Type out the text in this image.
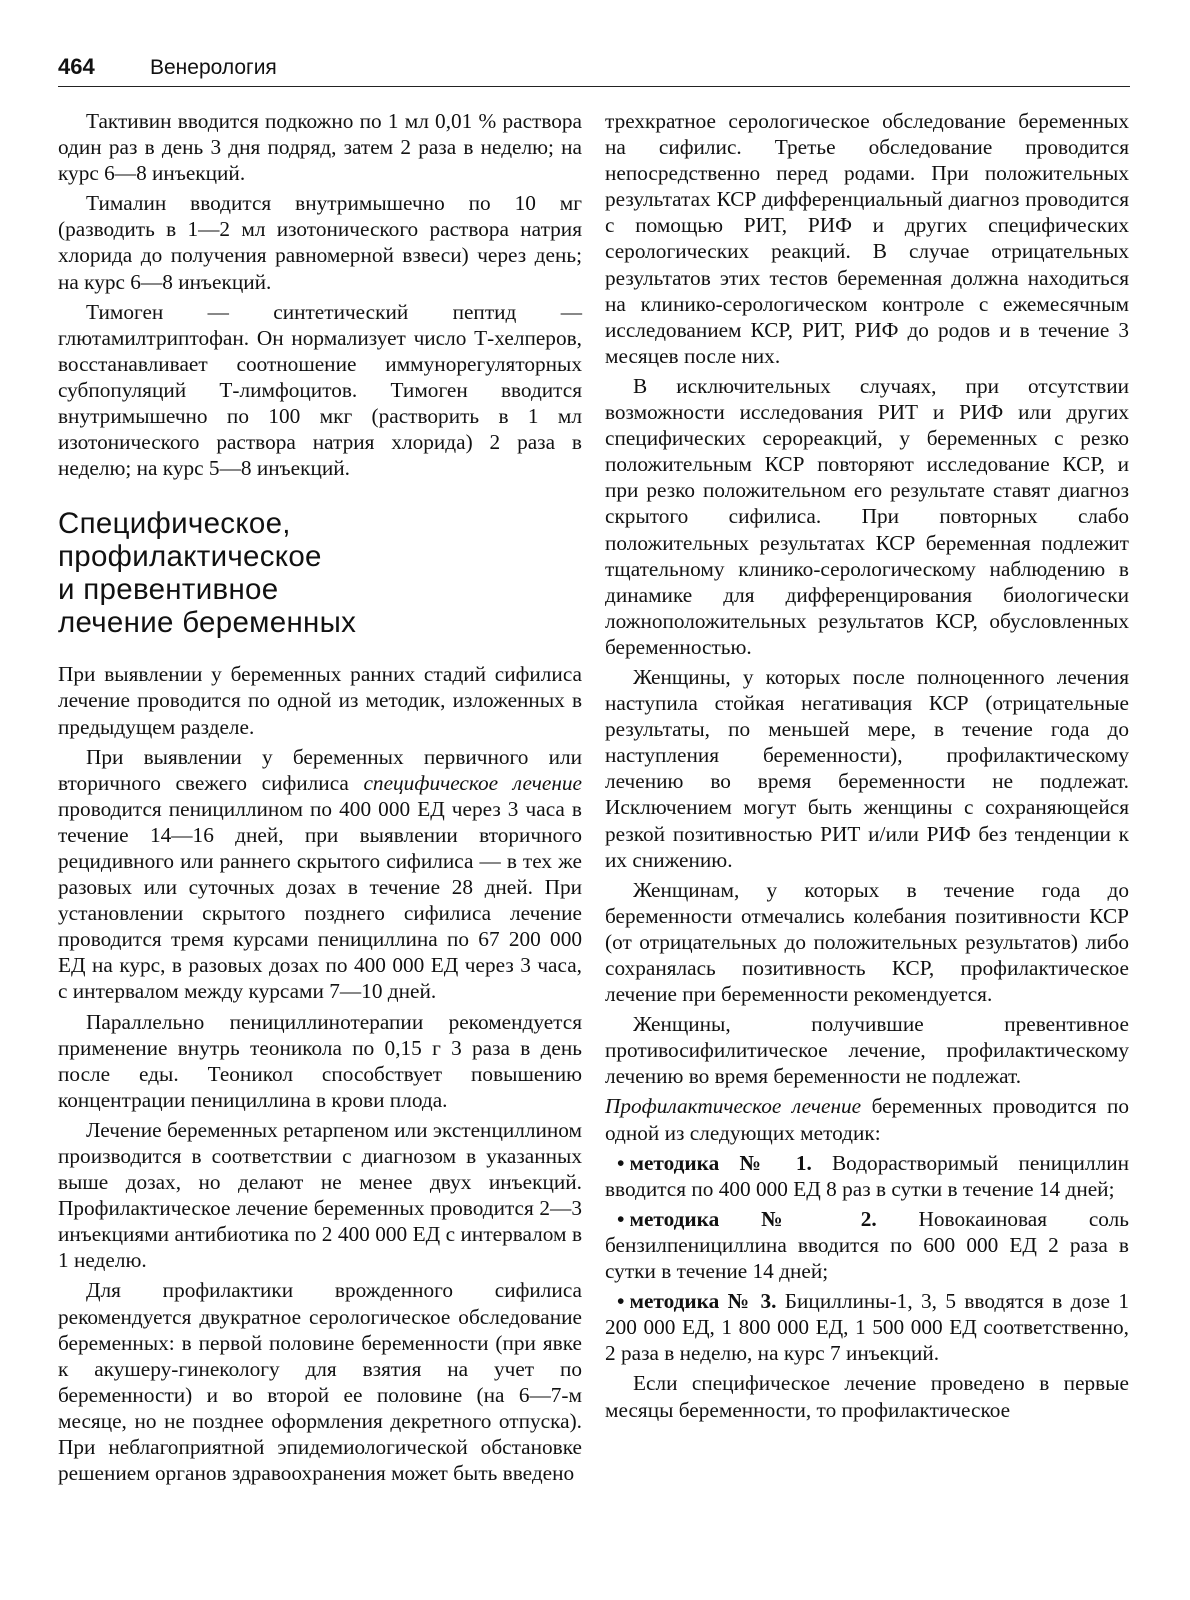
464	Венерология

Тактивин вводится подкожно по 1 мл 0,01 % раствора один раз в день 3 дня подряд, затем 2 раза в неделю; на курс 6—8 инъекций.

Тималин вводится внутримышечно по 10 мг (разводить в 1—2 мл изотонического раствора натрия хлорида до получения равномерной взвеси) через день; на курс 6—8 инъекций.

Тимоген — синтетический пептид — глютамилтриптофан. Он нормализует число Т-хелперов, восстанавливает соотношение иммунорегуляторных субпопуляций Т-лимфоцитов. Тимоген вводится внутримышечно по 100 мкг (растворить в 1 мл изотонического раствора натрия хлорида) 2 раза в неделю; на курс 5—8 инъекций.

Специфическое,
профилактическое
и превентивное
лечение беременных

При выявлении у беременных ранних стадий сифилиса лечение проводится по одной из методик, изложенных в предыдущем разделе.

При выявлении у беременных первичного или вторичного свежего сифилиса специфическое лечение проводится пенициллином по 400 000 ЕД через 3 часа в течение 14—16 дней, при выявлении вторичного рецидивного или раннего скрытого сифилиса — в тех же разовых или суточных дозах в течение 28 дней. При установлении скрытого позднего сифилиса лечение проводится тремя курсами пенициллина по 67 200 000 ЕД на курс, в разовых дозах по 400 000 ЕД через 3 часа, с интервалом между курсами 7—10 дней.

Параллельно пенициллинотерапии рекомендуется применение внутрь теоникола по 0,15 г 3 раза в день после еды. Теоникол способствует повышению концентрации пенициллина в крови плода.

Лечение беременных ретарпеном или экстенциллином производится в соответствии с диагнозом в указанных выше дозах, но делают не менее двух инъекций. Профилактическое лечение беременных проводится 2—3 инъекциями антибиотика по 2 400 000 ЕД с интервалом в 1 неделю.

Для профилактики врожденного сифилиса рекомендуется двукратное серологическое обследование беременных: в первой половине беременности (при явке к акушеру-гинекологу для взятия на учет по беременности) и во второй ее половине (на 6—7-м месяце, но не позднее оформления декретного отпуска). При неблагоприятной эпидемиологической обстановке решением органов здравоохранения может быть введено

трехкратное серологическое обследование беременных на сифилис. Третье обследование проводится непосредственно перед родами. При положительных результатах КСР дифференциальный диагноз проводится с помощью РИТ, РИФ и других специфических серологических реакций. В случае отрицательных результатов этих тестов беременная должна находиться на клинико-серологическом контроле с ежемесячным исследованием КСР, РИТ, РИФ до родов и в течение 3 месяцев после них.

В исключительных случаях, при отсутствии возможности исследования РИТ и РИФ или других специфических серореакций, у беременных с резко положительным КСР повторяют исследование КСР, и при резко положительном его результате ставят диагноз скрытого сифилиса. При повторных слабо положительных результатах КСР беременная подлежит тщательному клинико-серологическому наблюдению в динамике для дифференцирования биологически ложноположительных результатов КСР, обусловленных беременностью.

Женщины, у которых после полноценного лечения наступила стойкая негативация КСР (отрицательные результаты, по меньшей мере, в течение года до наступления беременности), профилактическому лечению во время беременности не подлежат. Исключением могут быть женщины с сохраняющейся резкой позитивностью РИТ и/или РИФ без тенденции к их снижению.

Женщинам, у которых в течение года до беременности отмечались колебания позитивности КСР (от отрицательных до положительных результатов) либо сохранялась позитивность КСР, профилактическое лечение при беременности рекомендуется.

Женщины, получившие превентивное противосифилитическое лечение, профилактическому лечению во время беременности не подлежат.

Профилактическое лечение беременных проводится по одной из следующих методик:

• методика № 1. Водорастворимый пенициллин вводится по 400 000 ЕД 8 раз в сутки в течение 14 дней;

• методика № 2. Новокаиновая соль бензилпенициллина вводится по 600 000 ЕД 2 раза в сутки в течение 14 дней;

• методика № 3. Бициллины-1, 3, 5 вводятся в дозе 1 200 000 ЕД, 1 800 000 ЕД, 1 500 000 ЕД соответственно, 2 раза в неделю, на курс 7 инъекций.

Если специфическое лечение проведено в первые месяцы беременности, то профилактическое
